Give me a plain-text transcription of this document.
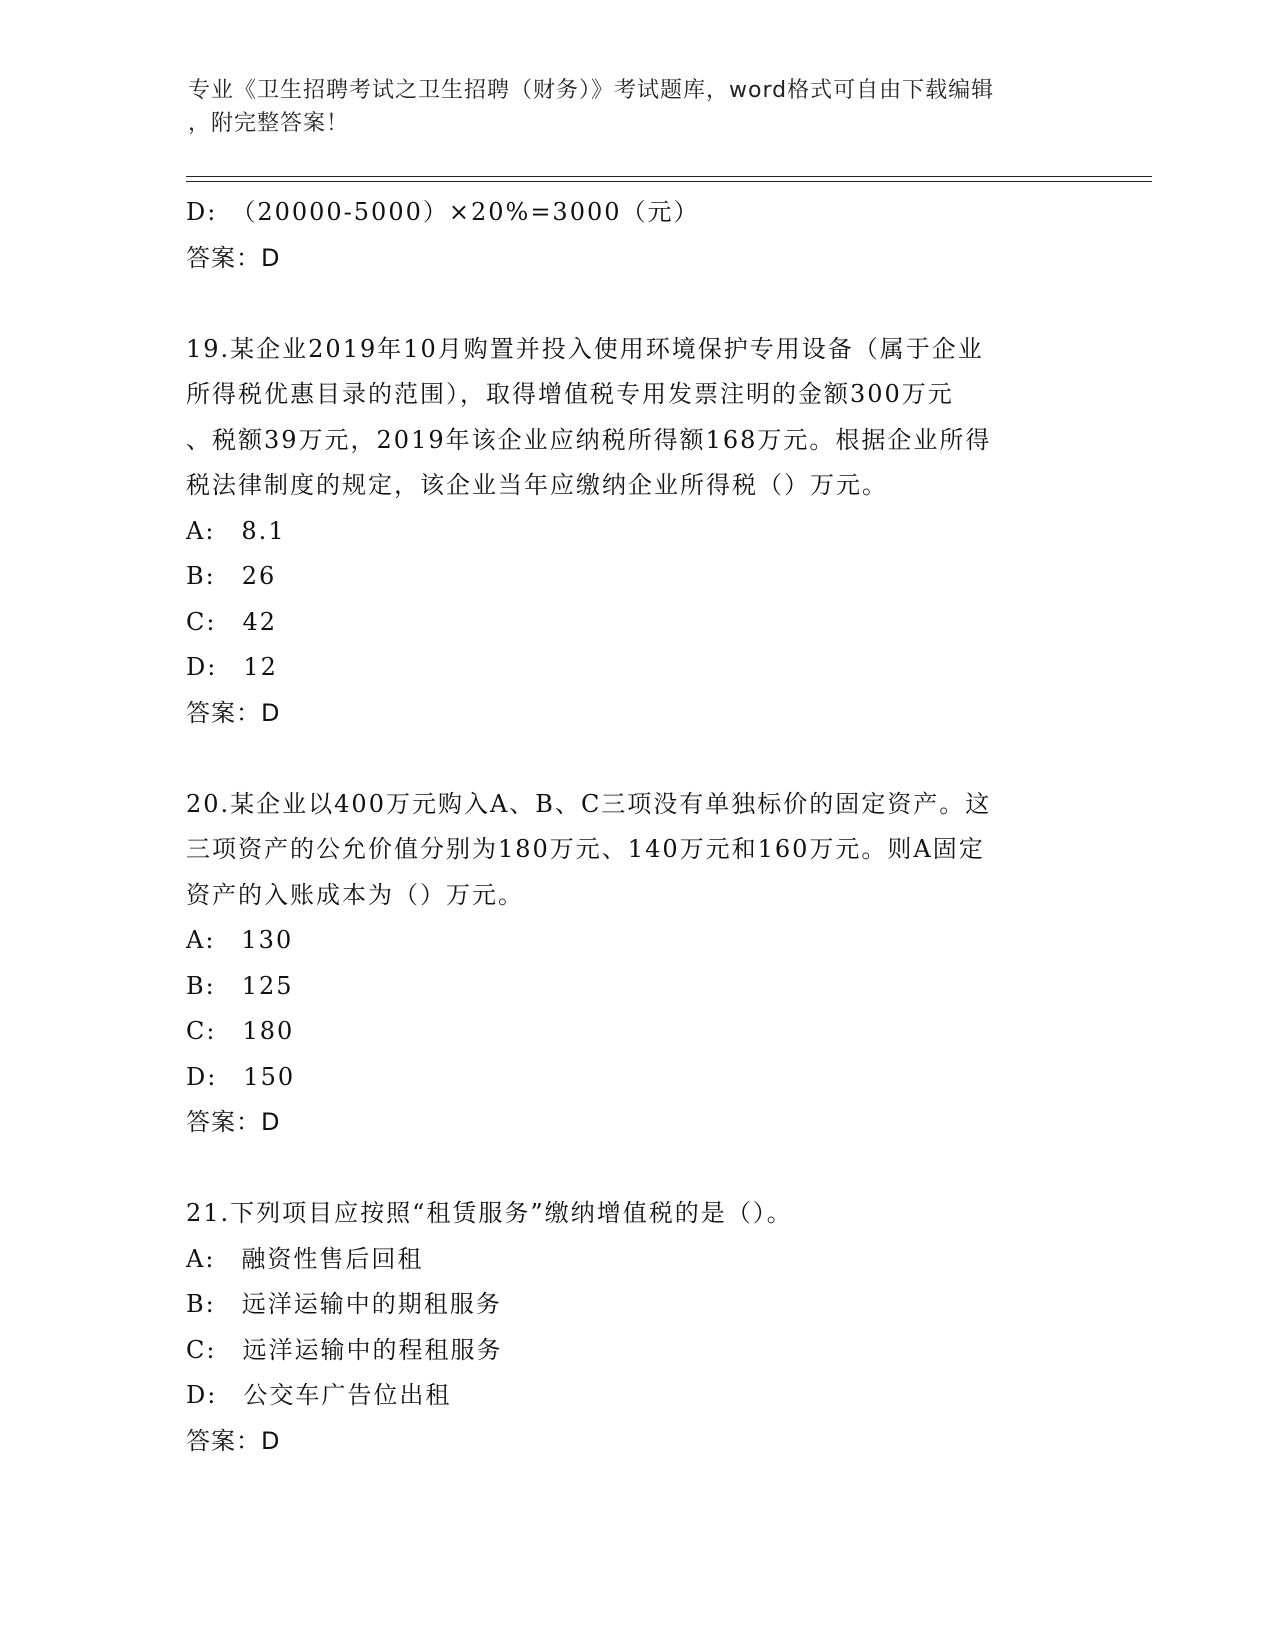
专业《卫生招聘考试之卫生招聘（财务）》考试题库，word格式可自由下载编辑
，附完整答案！
D:　（20000-5000）×20%=3000（元）
答案：D
19.某企业2019年10月购置并投入使用环境保护专用设备（属于企业
所得税优惠目录的范围），取得增值税专用发票注明的金额300万元
、税额39万元，2019年该企业应纳税所得额168万元。根据企业所得
税法律制度的规定，该企业当年应缴纳企业所得税（）万元。
A:　8.1
B:　26
C:　42
D:　12
答案：D
20.某企业以400万元购入A、B、C三项没有单独标价的固定资产。这
三项资产的公允价值分别为180万元、140万元和160万元。则A固定
资产的入账成本为（）万元。
A:　130
B:　125
C:　180
D:　150
答案：D
21.下列项目应按照“租赁服务”缴纳增值税的是（）。
A:　融资性售后回租
B:　远洋运输中的期租服务
C:　远洋运输中的程租服务
D:　公交车广告位出租
答案：D
